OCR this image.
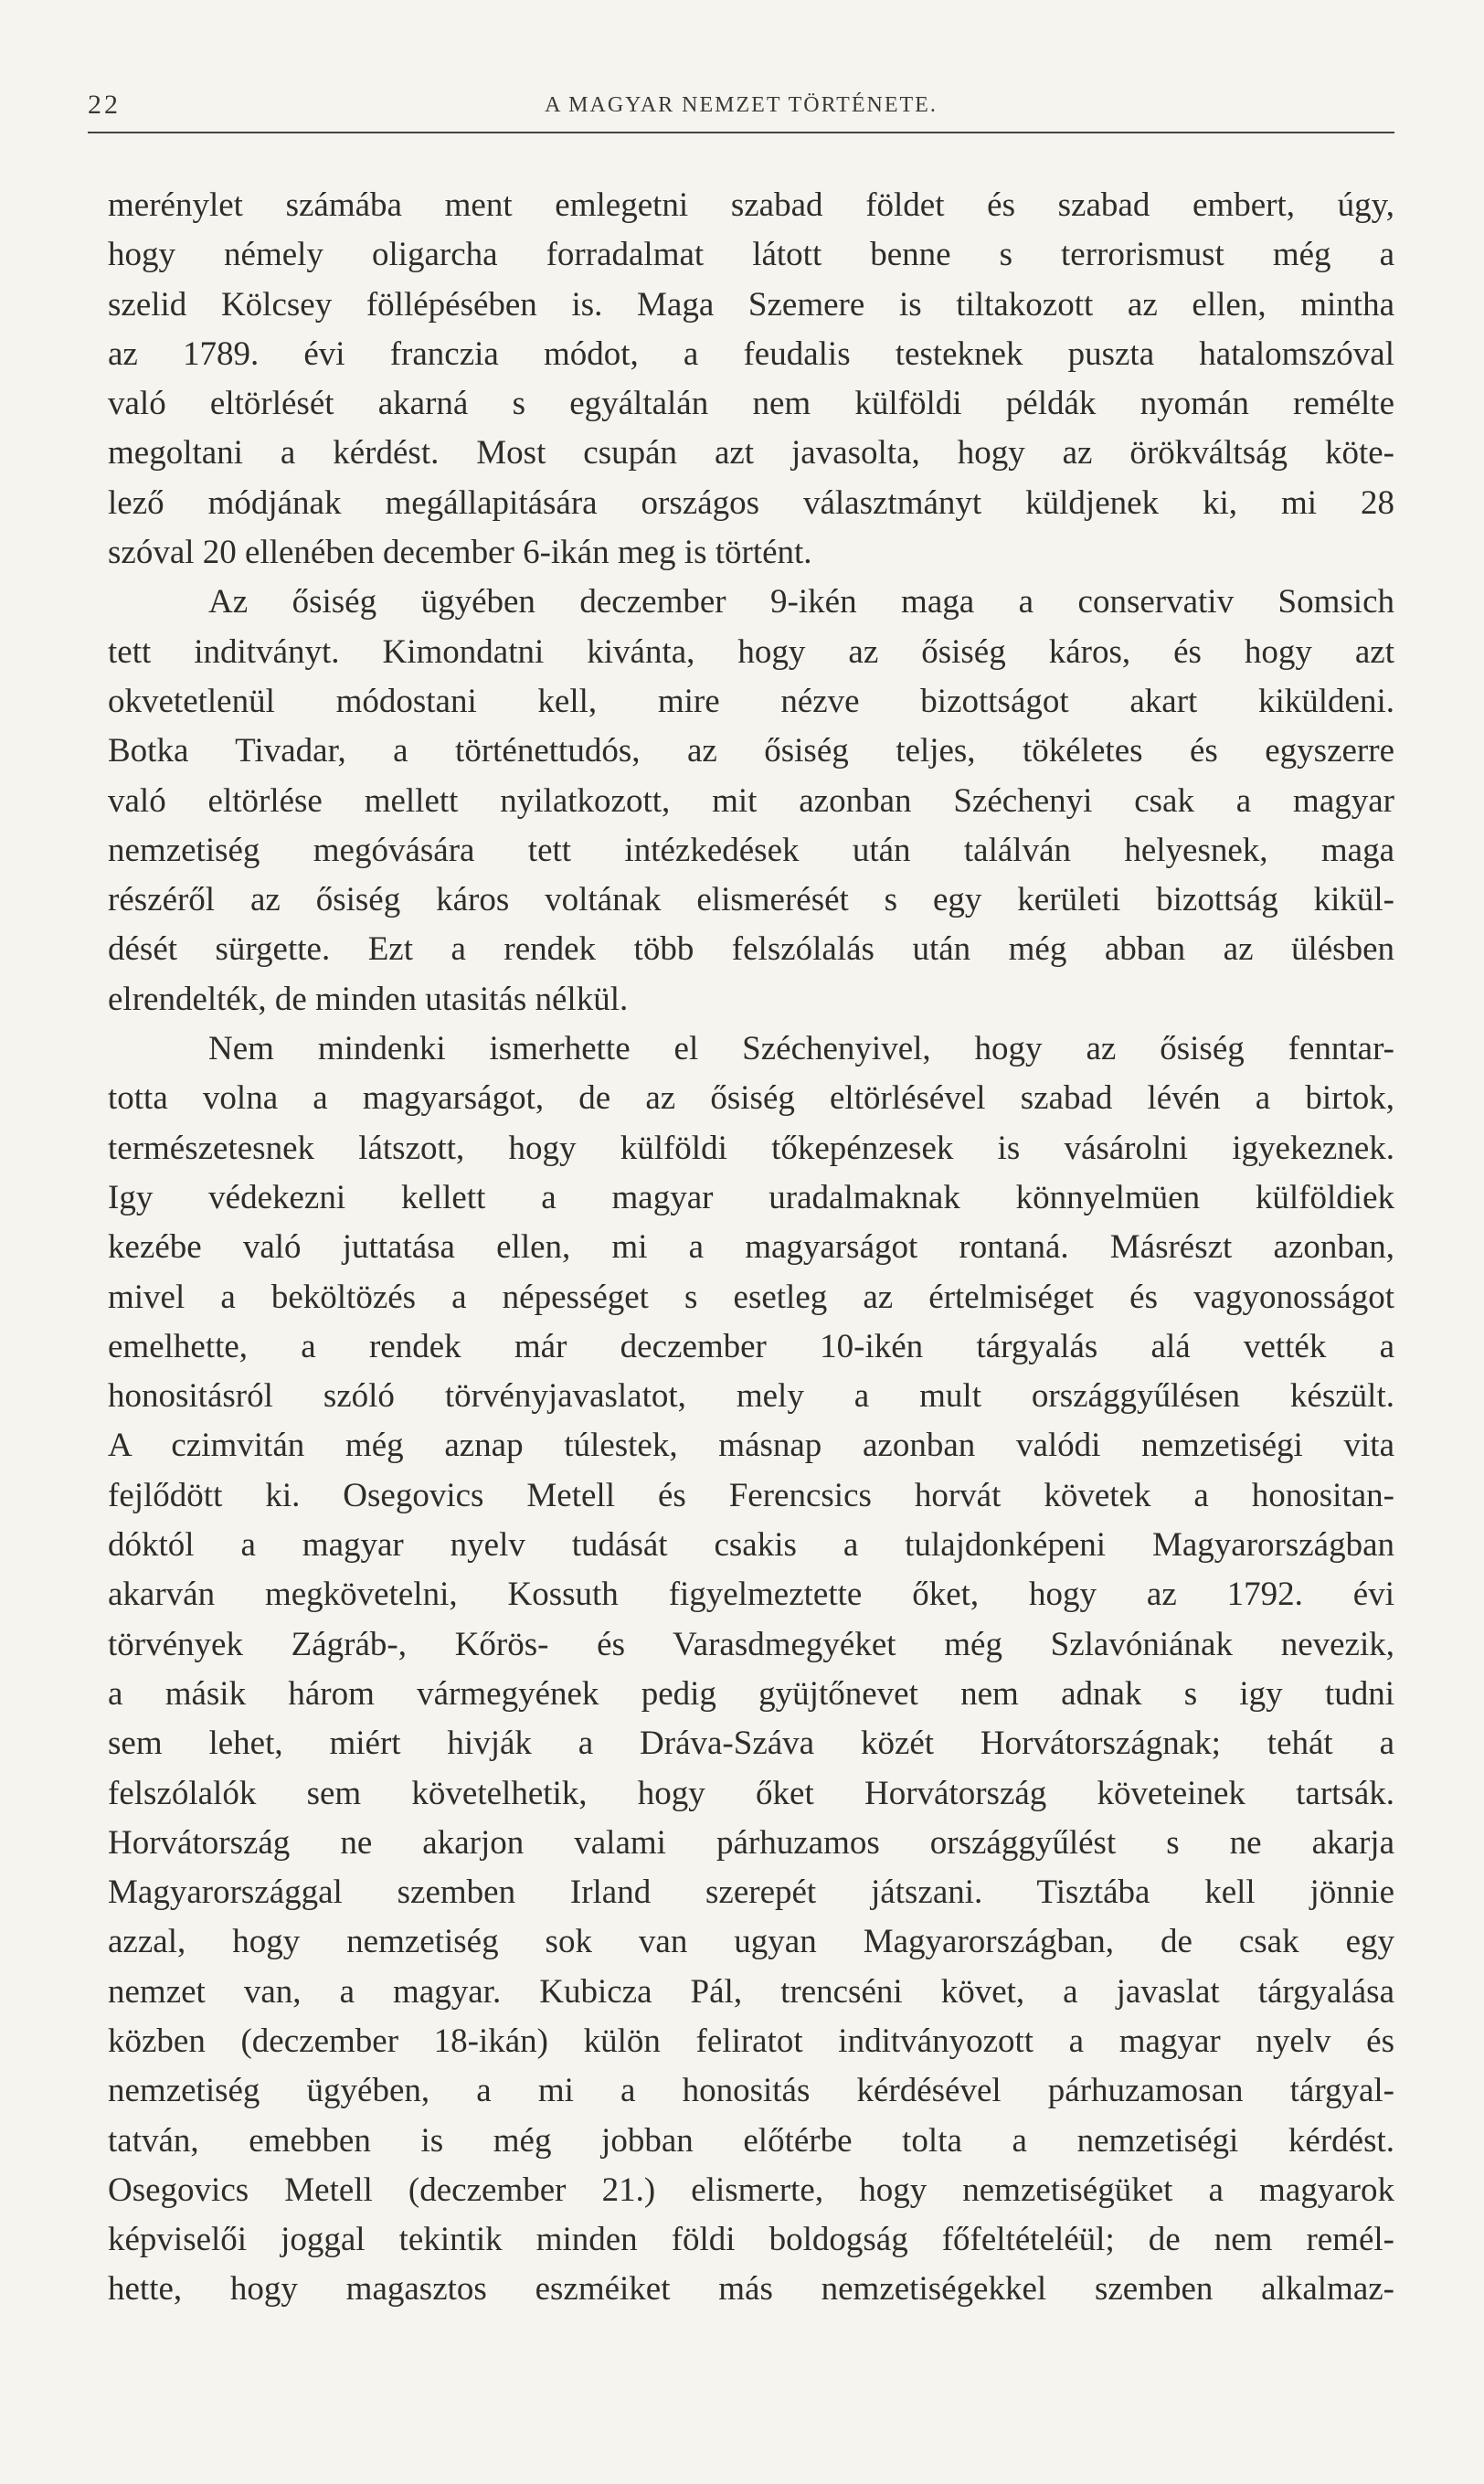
22	A MAGYAR NEMZET TÖRTÉNETE.
merénylet számába ment emlegetni szabad földet és szabad embert, úgy,
hogy némely oligarcha forradalmat látott benne s terrorismust még a
szelid Kölcsey föllépésében is. Maga Szemere is tiltakozott az ellen, mintha
az 1789. évi franczia módot, a feudalis testeknek puszta hatalomszóval
való eltörlését akarná s egyáltalán nem külföldi példák nyomán remélte
megoltani a kérdést. Most csupán azt javasolta, hogy az örökváltság köte-
lező módjának megállapitására országos választmányt küldjenek ki, mi 28
szóval 20 ellenében december 6-ikán meg is történt.
Az ősiség ügyében deczember 9-ikén maga a conservativ Somsich
tett inditványt. Kimondatni kivánta, hogy az ősiség káros, és hogy azt
okvetetlenül módostani kell, mire nézve bizottságot akart kiküldeni.
Botka Tivadar, a történettudós, az ősiség teljes, tökéletes és egyszerre
való eltörlése mellett nyilatkozott, mit azonban Széchenyi csak a magyar
nemzetiség megóvására tett intézkedések után találván helyesnek, maga
részéről az ősiség káros voltának elismerését s egy kerületi bizottság kikül-
dését sürgette. Ezt a rendek több felszólalás után még abban az ülésben
elrendelték, de minden utasitás nélkül.
Nem mindenki ismerhette el Széchenyivel, hogy az ősiség fenntar-
totta volna a magyarságot, de az ősiség eltörlésével szabad lévén a birtok,
természetesnek látszott, hogy külföldi tőkepénzesek is vásárolni igyekeznek.
Igy védekezni kellett a magyar uradalmaknak könnyelmüen külföldiek
kezébe való juttatása ellen, mi a magyarságot rontaná. Másrészt azonban,
mivel a beköltözés a népességet s esetleg az értelmiséget és vagyonosságot
emelhette, a rendek már deczember 10-ikén tárgyalás alá vették a
honositásról szóló törvényjavaslatot, mely a mult országgyűlésen készült.
A czimvitán még aznap túlestek, másnap azonban valódi nemzetiségi vita
fejlődött ki. Osegovics Metell és Ferencsics horvát követek a honositan-
dóktól a magyar nyelv tudását csakis a tulajdonképeni Magyarországban
akarván megkövetelni, Kossuth figyelmeztette őket, hogy az 1792. évi
törvények Zágráb-, Kőrös- és Varasdmegyéket még Szlavóniának nevezik,
a másik három vármegyének pedig gyüjtőnevet nem adnak s igy tudni
sem lehet, miért hivják a Dráva-Száva közét Horvátországnak; tehát a
felszólalók sem követelhetik, hogy őket Horvátország követeinek tartsák.
Horvátország ne akarjon valami párhuzamos országgyűlést s ne akarja
Magyarországgal szemben Irland szerepét játszani. Tisztába kell jönnie
azzal, hogy nemzetiség sok van ugyan Magyarországban, de csak egy
nemzet van, a magyar. Kubicza Pál, trencséni követ, a javaslat tárgyalása
közben (deczember 18-ikán) külön feliratot inditványozott a magyar nyelv és
nemzetiség ügyében, a mi a honositás kérdésével párhuzamosan tárgyal-
tatván, emebben is még jobban előtérbe tolta a nemzetiségi kérdést.
Osegovics Metell (deczember 21.) elismerte, hogy nemzetiségüket a magyarok
képviselői joggal tekintik minden földi boldogság főfeltételéül; de nem remél-
hette, hogy magasztos eszméiket más nemzetiségekkel szemben alkalmaz-
